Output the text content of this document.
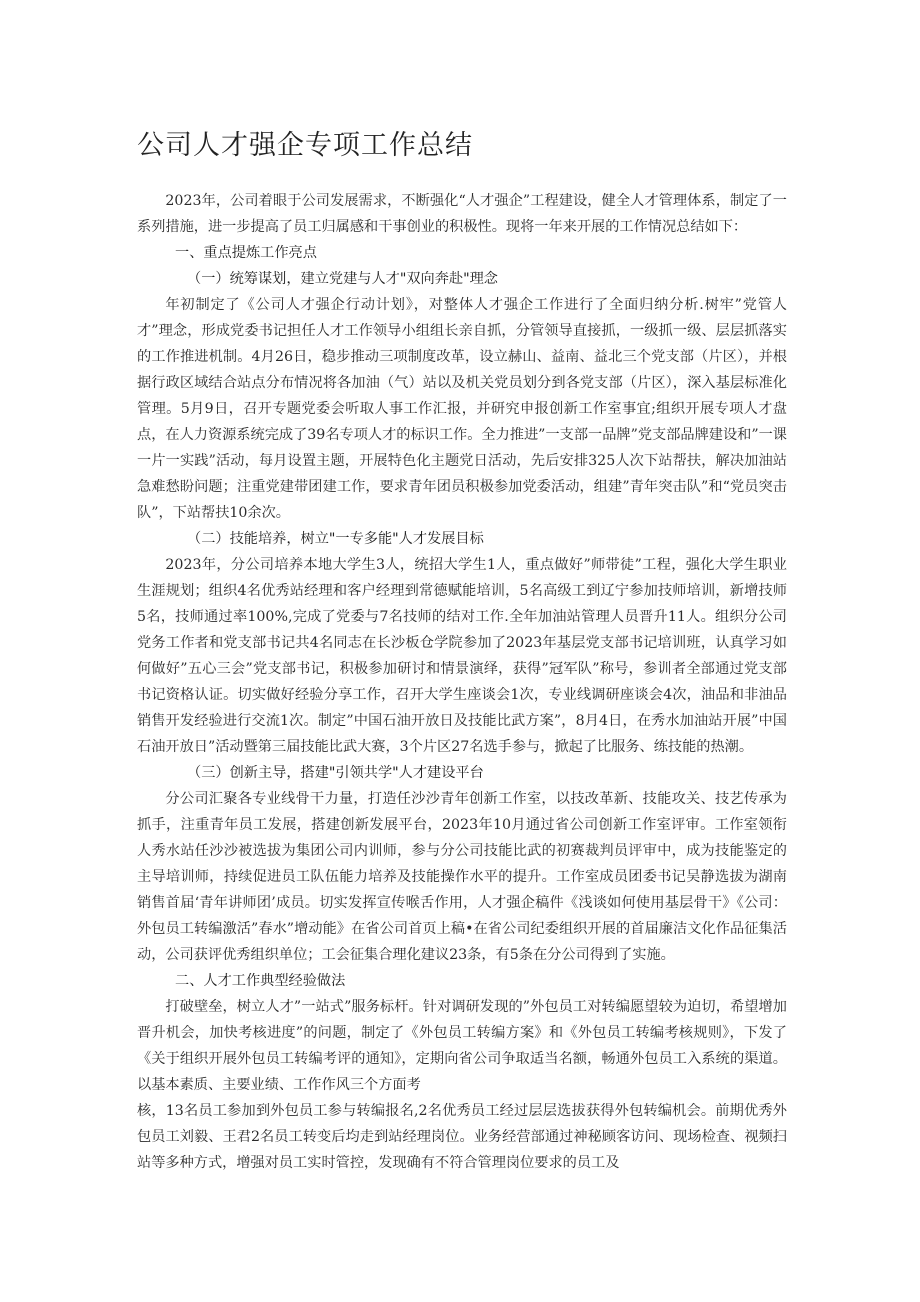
公司人才强企专项工作总结

2023年，公司着眼于公司发展需求，不断强化“人才强企”工程建设，健全人才管理体系，制定了一系列措施，进一步提高了员工归属感和干事创业的积极性。现将一年来开展的工作情况总结如下：

一、重点提炼工作亮点
（一）统筹谋划，建立党建与人才"双向奔赴"理念

年初制定了《公司人才强企行动计划》，对整体人才强企工作进行了全面归纳分析.树牢”党管人才”理念，形成党委书记担任人才工作领导小组组长亲自抓，分管领导直接抓，一级抓一级、层层抓落实的工作推进机制。4月26日，稳步推动三项制度改革，设立赫山、益南、益北三个党支部（片区），并根据行政区域结合站点分布情况将各加油（气）站以及机关党员划分到各党支部（片区），深入基层标准化管理。5月9日，召开专题党委会听取人事工作汇报，并研究申报创新工作室事宜;组织开展专项人才盘点，在人力资源系统完成了39名专项人才的标识工作。全力推进”一支部一品牌”党支部品牌建设和”一课一片一实践”活动，每月设置主题，开展特色化主题党日活动，先后安排325人次下站帮扶，解决加油站急难愁盼问题；注重党建带团建工作，要求青年团员积极参加党委活动，组建”青年突击队”和“党员突击队”，下站帮扶10余次。

（二）技能培养，树立"一专多能"人才发展目标

2023年，分公司培养本地大学生3人，统招大学生1人，重点做好”师带徒”工程，强化大学生职业生涯规划；组织4名优秀站经理和客户经理到常德赋能培训，5名高级工到辽宁参加技师培训，新增技师5名，技师通过率100%,完成了党委与7名技师的结对工作.全年加油站管理人员晋升11人。组织分公司党务工作者和党支部书记共4名同志在长沙板仓学院参加了2023年基层党支部书记培训班，认真学习如何做好”五心三会”党支部书记，积极参加研讨和情景演绎，获得”冠军队”称号，参训者全部通过党支部书记资格认证。切实做好经验分享工作，召开大学生座谈会1次，专业线调研座谈会4次，油品和非油品销售开发经验进行交流1次。制定”中国石油开放日及技能比武方案”，8月4日，在秀水加油站开展”中国石油开放日”活动暨第三届技能比武大赛，3个片区27名选手参与，掀起了比服务、练技能的热潮。

（三）创新主导，搭建"引领共学"人才建设平台

分公司汇聚各专业线骨干力量，打造任沙沙青年创新工作室，以技改革新、技能攻关、技艺传承为抓手，注重青年员工发展，搭建创新发展平台，2023年10月通过省公司创新工作室评审。工作室领衔人秀水站任沙沙被选拔为集团公司内训师，参与分公司技能比武的初赛裁判员评审中，成为技能鉴定的主导培训师，持续促进员工队伍能力培养及技能操作水平的提升。工作室成员团委书记吴静选拔为湖南销售首届‘青年讲师团’成员。切实发挥宣传喉舌作用，人才强企稿件《浅谈如何使用基层骨干》《公司：外包员工转编激活”春水”增动能》在省公司首页上稿•在省公司纪委组织开展的首届廉洁文化作品征集活动，公司获评优秀组织单位；工会征集合理化建议23条，有5条在分公司得到了实施。

二、人才工作典型经验做法

打破壁垒，树立人才”一站式”服务标杆。针对调研发现的”外包员工对转编愿望较为迫切，希望增加晋升机会，加快考核进度”的问题，制定了《外包员工转编方案》和《外包员工转编考核规则》，下发了《关于组织开展外包员工转编考评的通知》，定期向省公司争取适当名额，畅通外包员工入系统的渠道。以基本素质、主要业绩、工作作风三个方面考

核，13名员工参加到外包员工参与转编报名,2名优秀员工经过层层选拔获得外包转编机会。前期优秀外包员工刘毅、王君2名员工转变后均走到站经理岗位。业务经营部通过神秘顾客访问、现场检查、视频扫站等多种方式，增强对员工实时管控，发现确有不符合管理岗位要求的员工及
